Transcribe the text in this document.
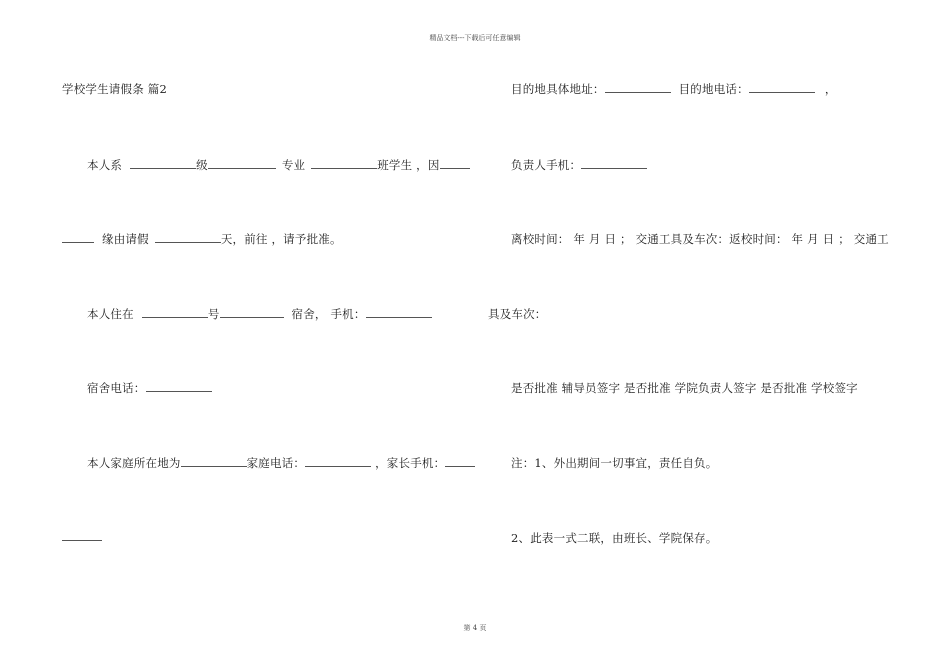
精品文档---下载后可任意编辑
学校学生请假条 篇2
本人系	级	专业	班学生 ，因
缘由请假	天，前往 ，请予批准。
本人住在	号	宿舍， 手机：
宿舍电话：
本人家庭所在地为	家庭电话：	，家长手机：
目的地具体地址：	目的地电话：	，
负责人手机：
离校时间： 年 月 日 ； 交通工具及车次：返校时间： 年 月 日 ； 交通工
具及车次：
是否批准 辅导员签字 是否批准 学院负责人签字 是否批准 学校签字
注：1、外出期间一切事宜，责任自负。
2、此表一式二联，由班长、学院保存。
第 4 页
